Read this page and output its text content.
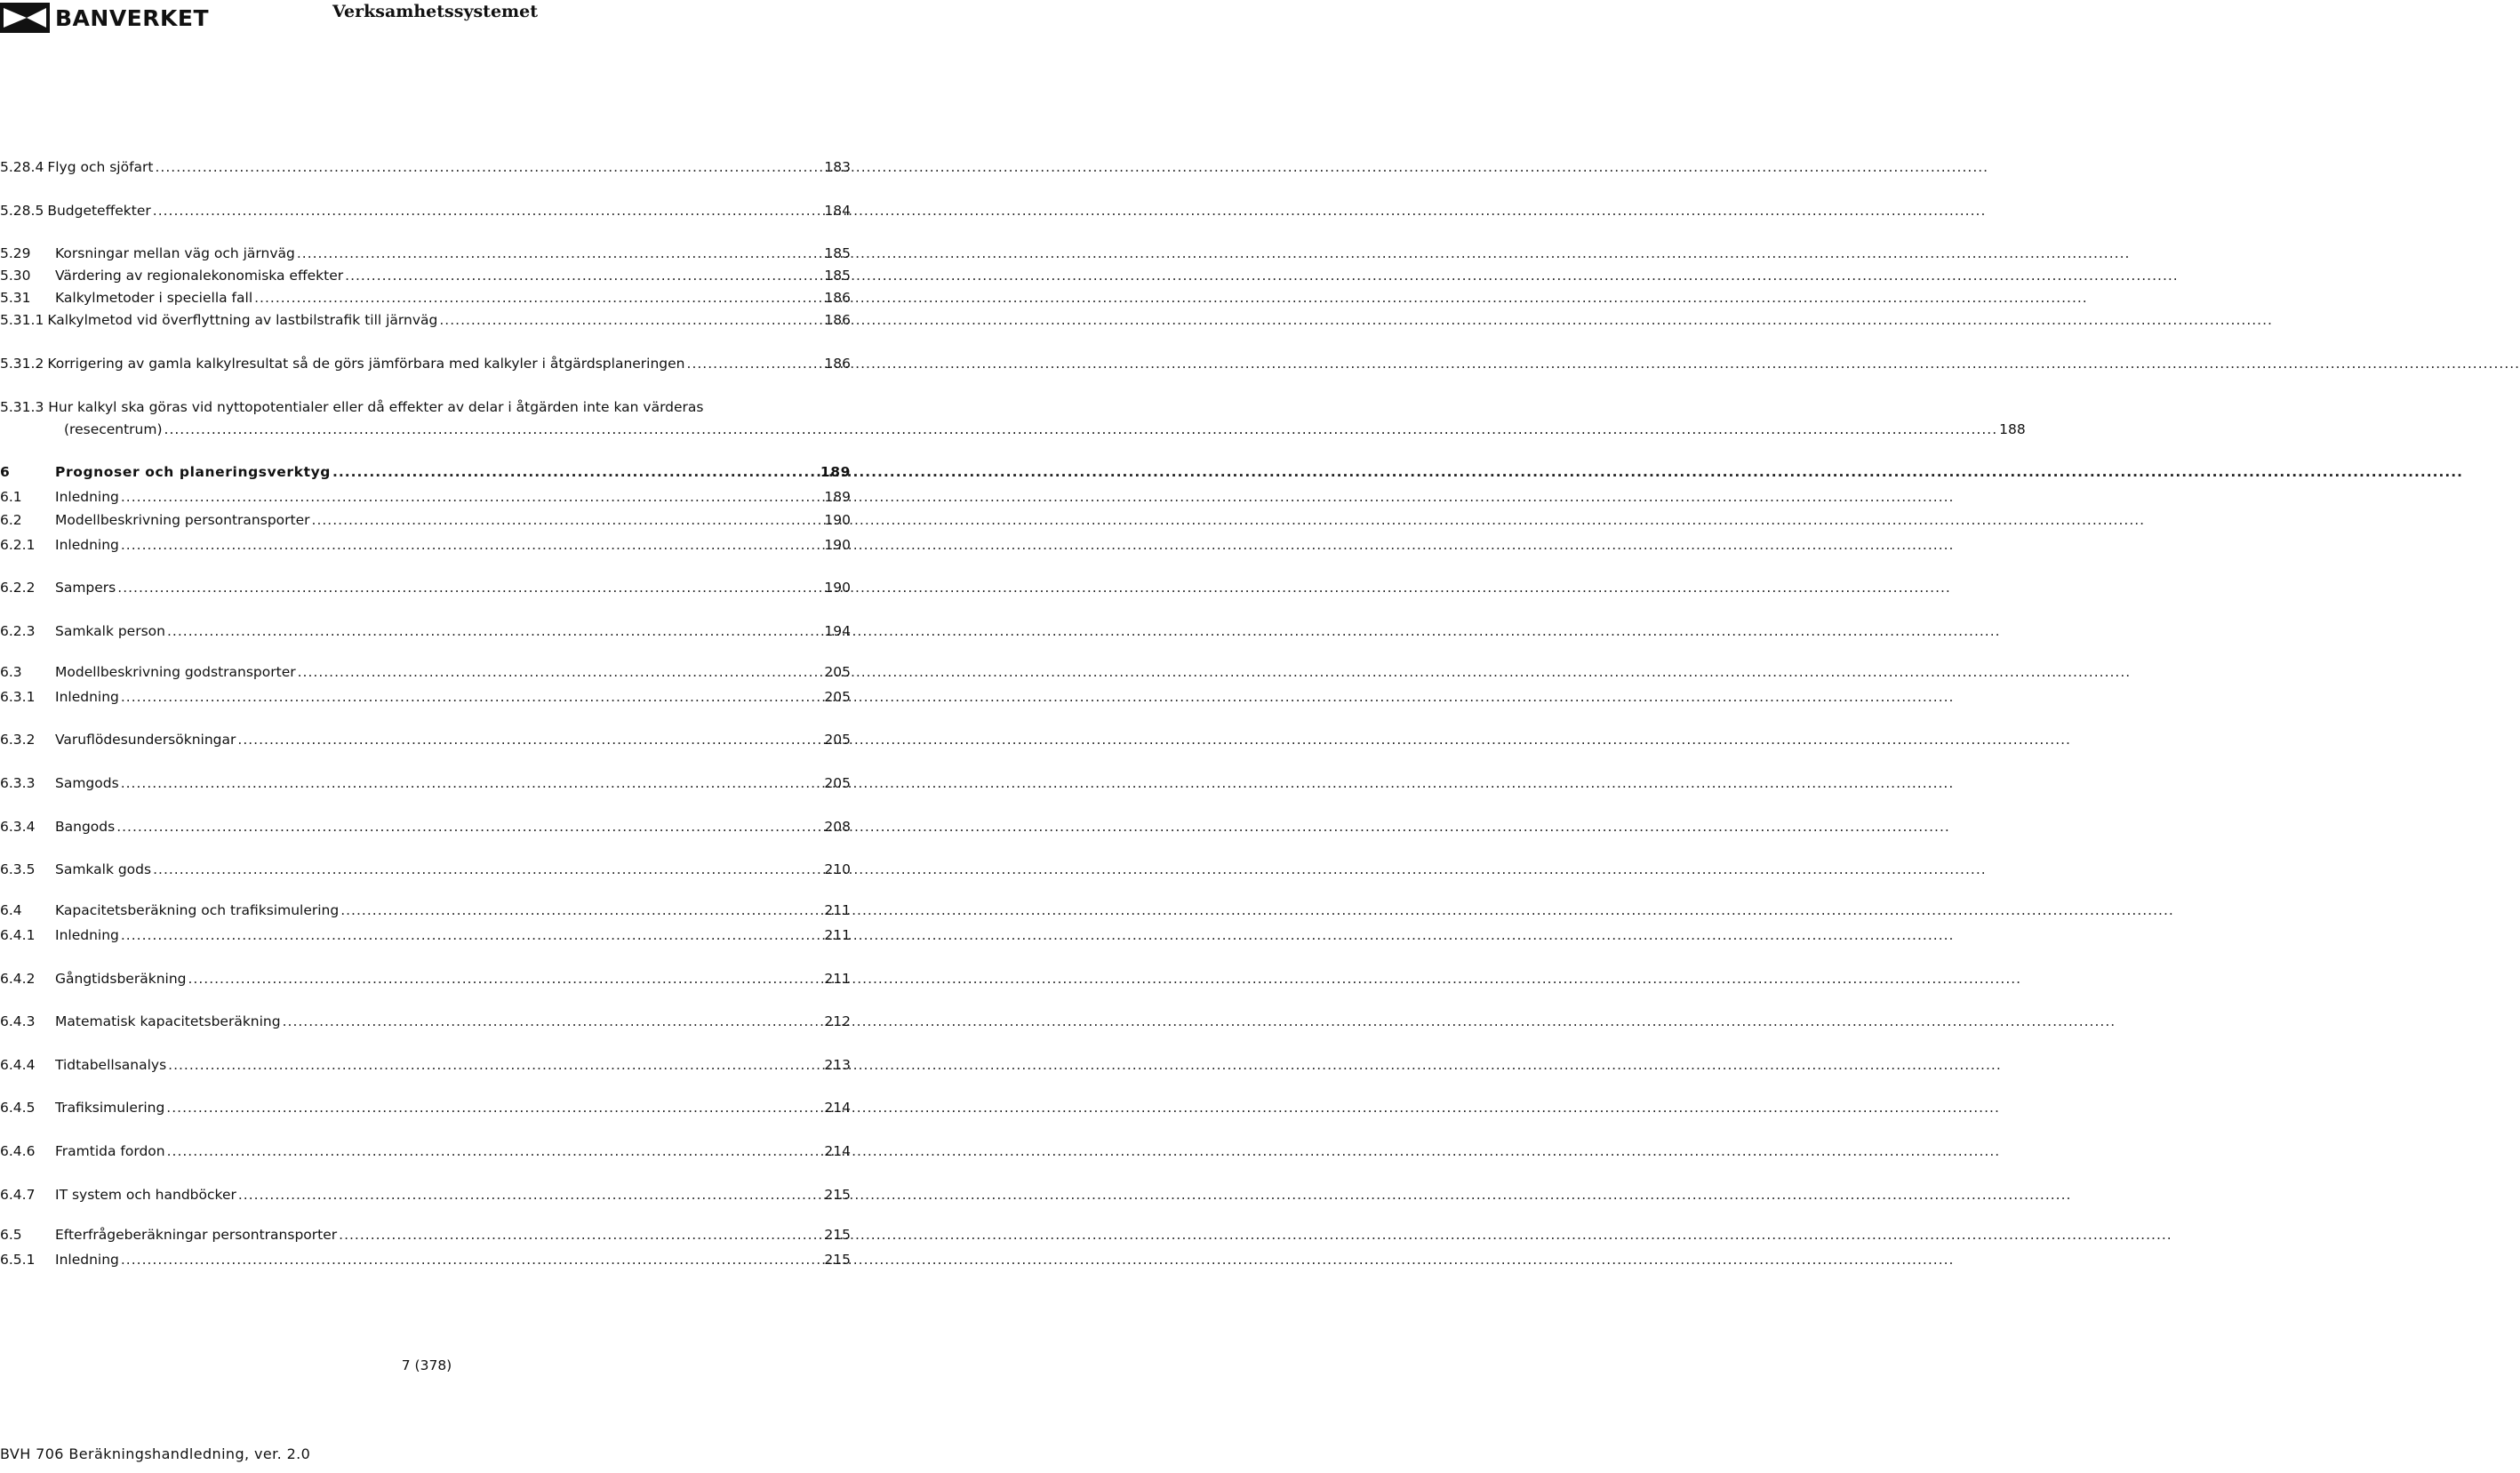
BANVERKET	Verksamhetssystemet
5.28.4 Flyg och sjöfart .....	183
5.28.5 Budgeteffekter .....	184
5.29	Korsningar mellan väg och järnväg .....	185
5.30	Värdering av regionalekonomiska effekter .....	185
5.31	Kalkylmetoder i speciella fall .....	186
5.31.1 Kalkylmetod vid överflyttning av lastbilstrafik till järnväg .....	186
5.31.2 Korrigering av gamla kalkylresultat så de görs jämförbara med kalkyler i åtgärdsplaneringen .....	186
5.31.3 Hur kalkyl ska göras vid nyttopotentialer eller då effekter av delar i åtgärden inte kan värderas
(resecentrum) .....	188
6	Prognoser och planeringsverktyg .....	189
6.1	Inledning .....	189
6.2	Modellbeskrivning persontransporter .....	190
6.2.1	Inledning .....	190
6.2.2	Sampers .....	190
6.2.3	Samkalk person .....	194
6.3	Modellbeskrivning godstransporter .....	205
6.3.1	Inledning .....	205
6.3.2	Varuflödesundersökningar .....	205
6.3.3	Samgods .....	205
6.3.4	Bangods .....	208
6.3.5	Samkalk gods .....	210
6.4	Kapacitetsberäkning och trafiksimulering .....	211
6.4.1	Inledning .....	211
6.4.2	Gångtidsberäkning .....	211
6.4.3	Matematisk kapacitetsberäkning .....	212
6.4.4	Tidtabellsanalys .....	213
6.4.5	Trafiksimulering .....	214
6.4.6	Framtida fordon .....	214
6.4.7	IT system och handböcker .....	215
6.5	Efterfrågeberäkningar persontransporter .....	215
6.5.1	Inledning .....	215
7 (378)
BVH 706 Beräkningshandledning, ver. 2.0
